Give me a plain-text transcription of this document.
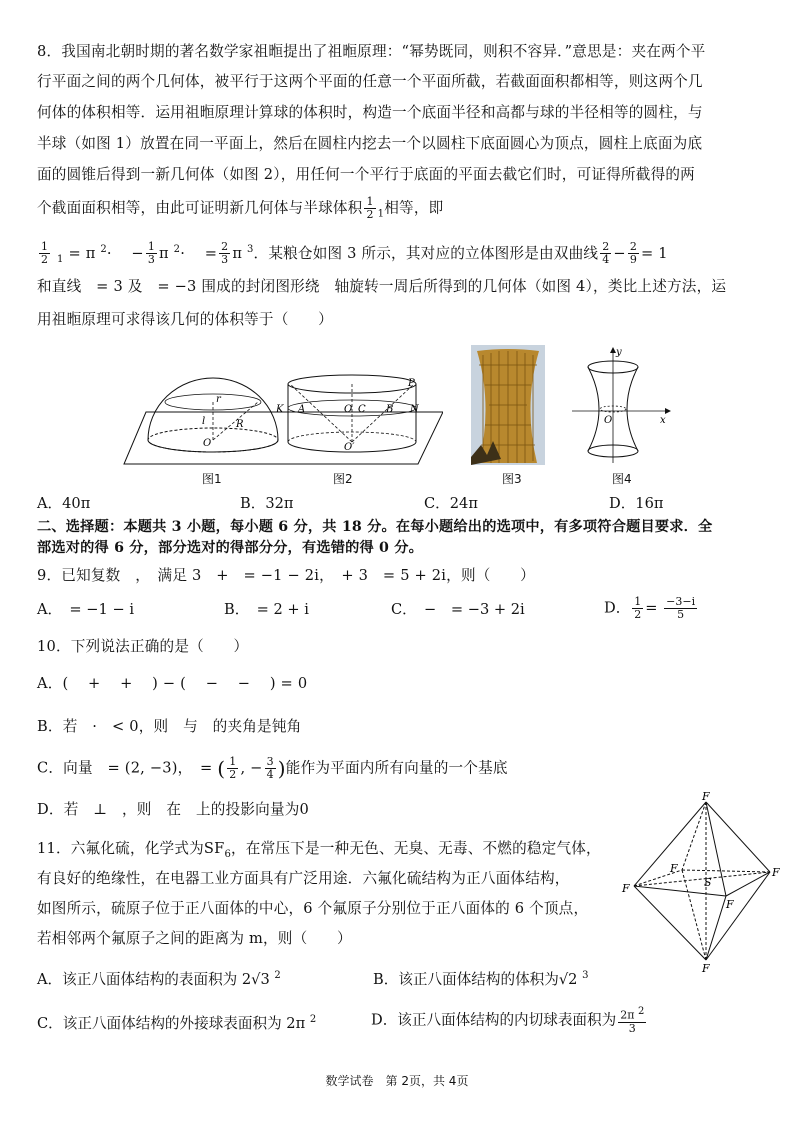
8．我国南北朝时期的著名数学家祖暅提出了祖暅原理：“幂势既同，则积不容异．”意思是：夹在两个平
行平面之间的两个几何体，被平行于这两个平面的任意一个平面所截，若截面面积都相等，则这两个几
何体的体积相等．运用祖暅原理计算球的体积时，构造一个底面半径和高都与球的半径相等的圆柱，与
半球（如图 1）放置在同一平面上，然后在圆柱内挖去一个以圆柱下底面圆心为顶点，圆柱上底面为底
面的圆锥后得到一新几何体（如图 2），用任何一个平行于底面的平面去截它们时，可证得所截得的两
个截面面积相等，由此可证明新几何体与半球体积 $\frac{1}{2} _1$相等，即
$\frac{1}{2} _1 = \pi$ $^2$·　 − $\frac{1}{3}$ π $^2$·　 = $\frac{2}{3}$ π $^3$．某粮仓如图 3 所示，其对应的立体图形是由双曲线 $\frac{2}{4} - \frac{2}{9} = 1$
和直线　= 3 及　= −3 围成的封闭图形绕　轴旋转一周后所得到的几何体（如图 4），类比上述方法，运
用祖暅原理可求得该几何的体积等于（　　）
O
R
l
r
P
K A	O C B N
O′
图1	图2	图3
y
x
O
图4
A．40π	B．32π	C．24π	D．16π
二、选择题：本题共 3 小题，每小题 6 分，共 18 分。在每小题给出的选项中，有多项符合题目要求．全
部选对的得 6 分，部分选对的得部分分，有选错的得 0 分。
9．已知复数　，　满足 3　+　= −1 − 2i，　+ 3　= 5 + 2i，则（　　）
A．　= −1 − i	B．　= 2 + i	C．　−　= −3 + 2i	D． $\frac{1}{2} = \frac{-3-i}{5}$
10．下列说法正确的是（　　）
A．(　 +　 +　 ) − (　 −　 −　 ) = 0
B．若　·　< 0，则　与　的夹角是钝角
C．向量　= (2, −3)，　= ( $\frac{1}{2}$ , − $\frac{3}{4}$ )能作为平面内所有向量的一个基底
D．若　⊥　，则　在　上的投影向量为0
11．六氟化硫，化学式为$SF_6$，在常压下是一种无色、无臭、无毒、不燃的稳定气体，
有良好的绝缘性，在电器工业方面具有广泛用途．六氟化硫结构为正八面体结构，
如图所示，硫原子位于正八面体的中心，6 个氟原子分别位于正八面体的 6 个顶点，
若相邻两个氟原子之间的距离为 m，则（　　）
F
F
F
F
F
F
S
A．该正八面体结构的表面积为 2√3 $^2$	B．该正八面体结构的体积为√2 $^3$
C．该正八面体结构的外接球表面积为 2π $^2$	D．该正八面体结构的内切球表面积为 $\frac{2\pi 2}{3}$
数学试卷　第 2页，共 4页
